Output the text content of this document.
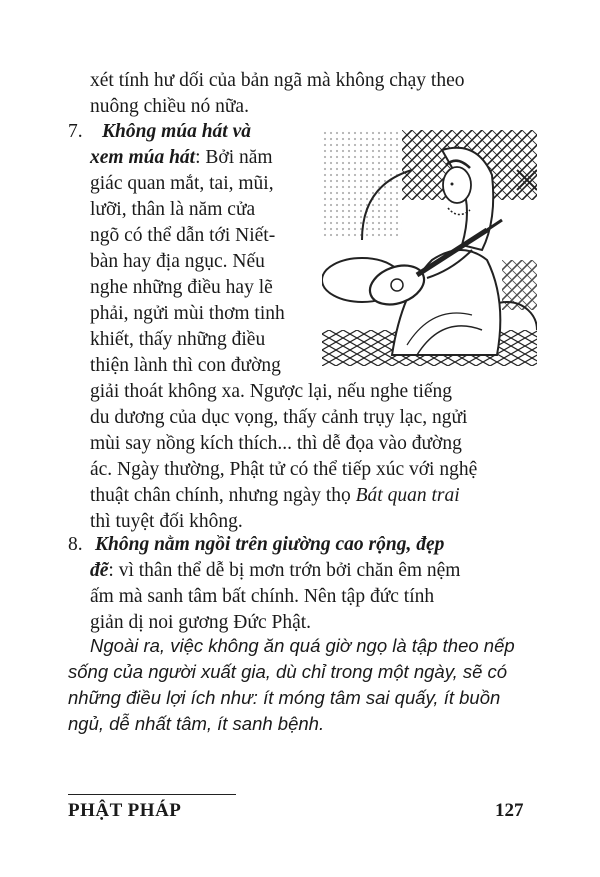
xét tính hư dối của bản ngã mà không chạy theo
nuông chiều nó nữa.
7. Không múa hát và
xem múa hát: Bởi năm
giác quan mắt, tai, mũi,
lưỡi, thân là năm cửa
ngõ có thể dẫn tới Niết-
bàn hay địa ngục. Nếu
nghe những điều hay lẽ
phải, ngửi mùi thơm tinh
khiết, thấy những điều
thiện lành thì con đường
giải thoát không xa. Ngược lại, nếu nghe tiếng
du dương của dục vọng, thấy cảnh trụy lạc, ngửi
mùi say nồng kích thích... thì dễ đọa vào đường
ác. Ngày thường, Phật tử có thể tiếp xúc với nghệ
thuật chân chính, nhưng ngày thọ Bát quan trai
thì tuyệt đối không.
8. Không nằm ngồi trên giường cao rộng, đẹp
đẽ: vì thân thể dễ bị mơn trớn bởi chăn êm nệm
ấm mà sanh tâm bất chính. Nên tập đức tính
giản dị noi gương Đức Phật.
Ngoài ra, việc không ăn quá giờ ngọ là tập theo nếp
sống của người xuất gia, dù chỉ trong một ngày, sẽ có
những điều lợi ích như: ít móng tâm sai quấy, ít buồn
ngủ, dễ nhất tâm, ít sanh bệnh.
PHẬT PHÁP	127
